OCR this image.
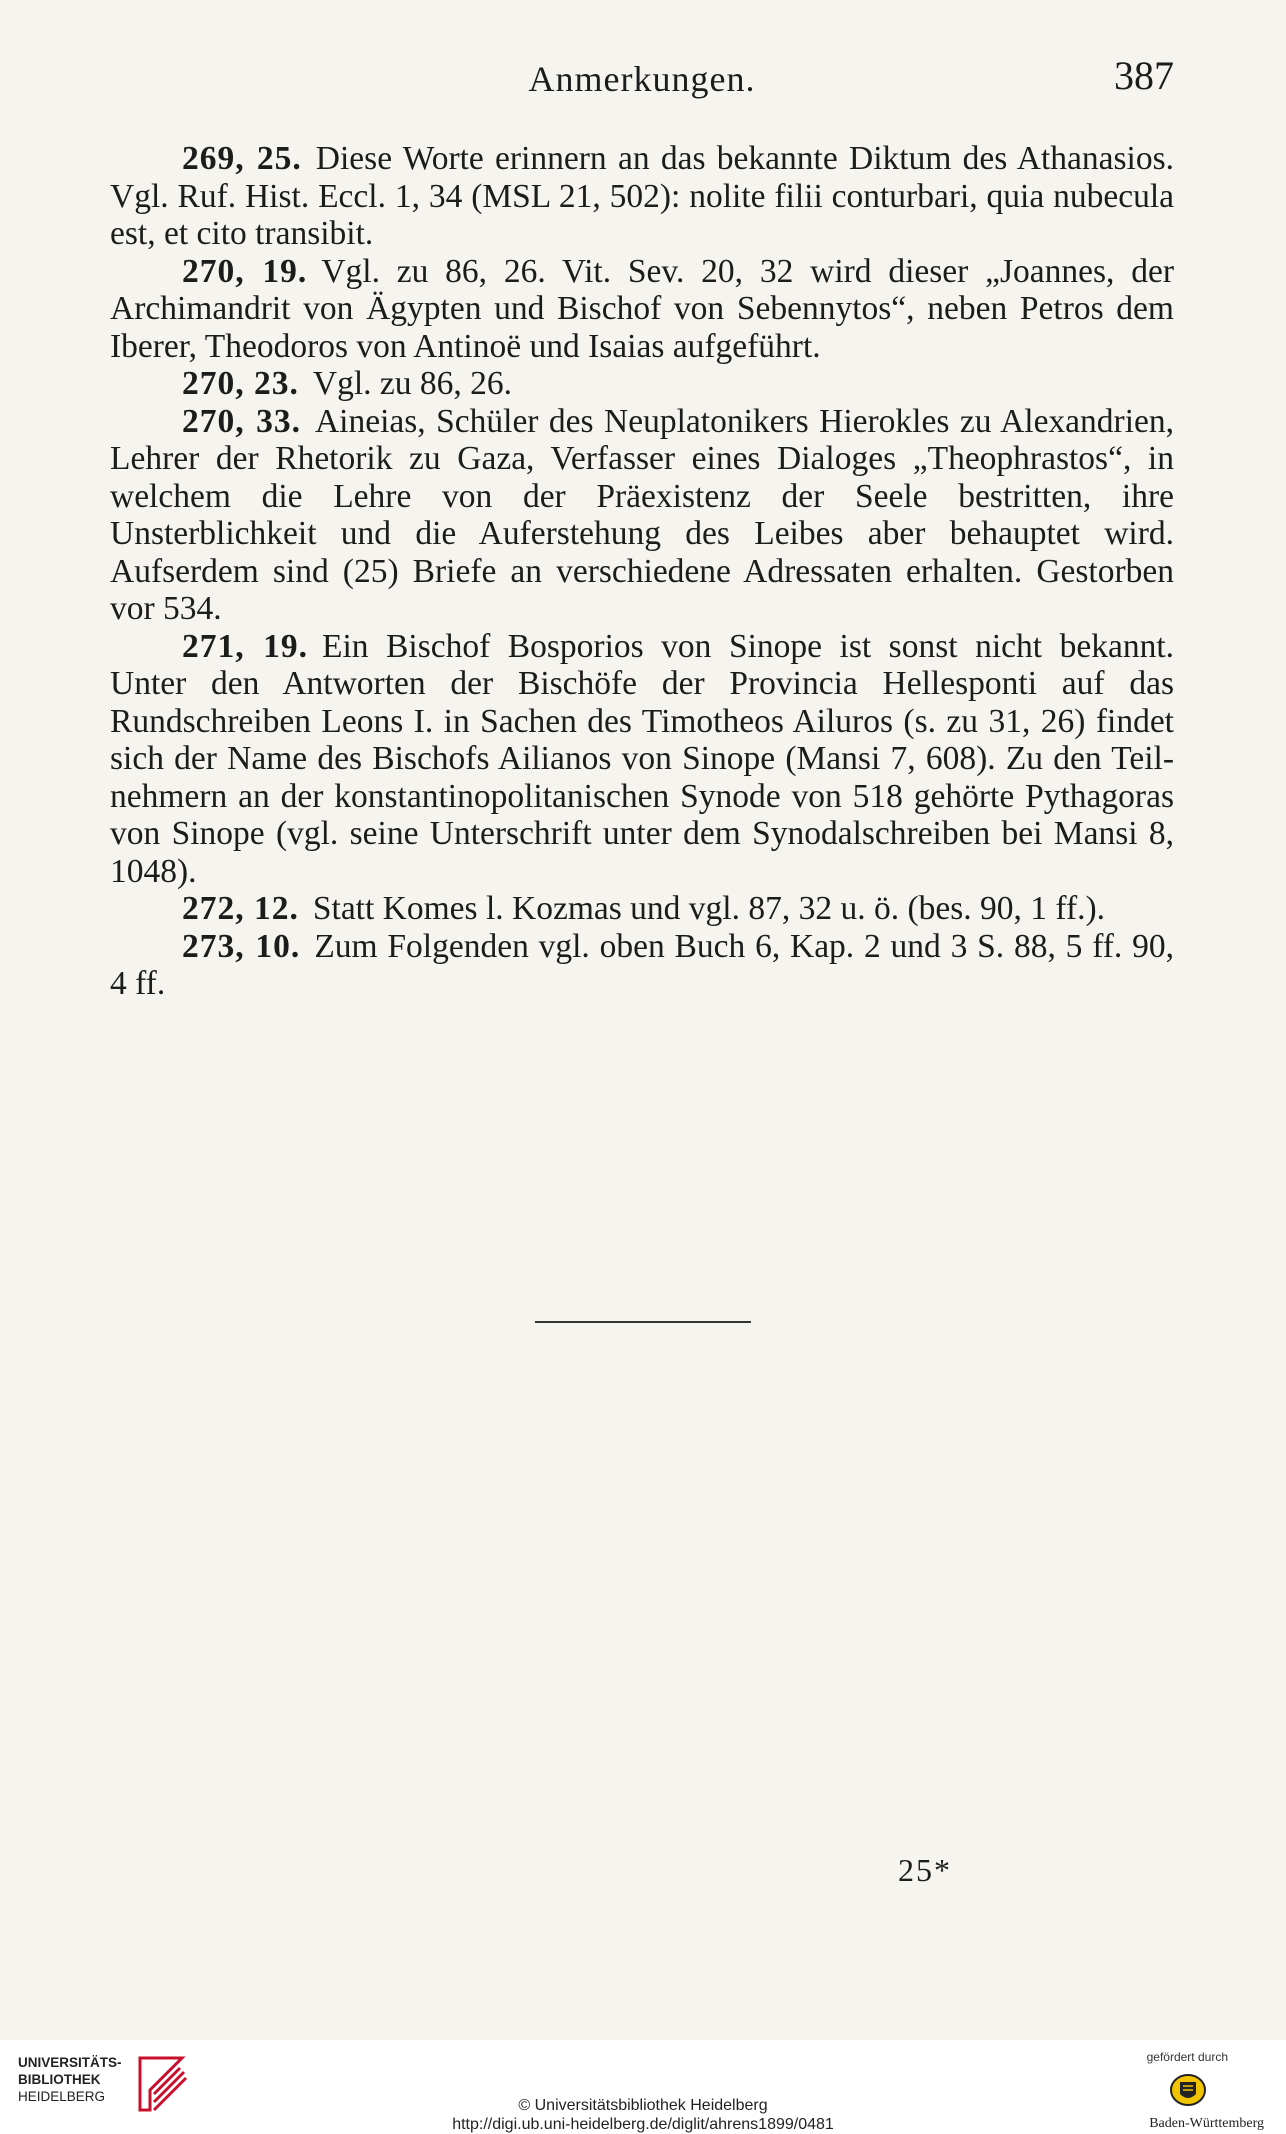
Anmerkungen.	387

269, 25. Diese Worte erinnern an das bekannte Diktum des Athanasios. Vgl. Ruf. Hist. Eccl. 1, 34 (MSL 21, 502): nolite filii conturbari, quia nubecula est, et cito transibit.

270, 19. Vgl. zu 86, 26. Vit. Sev. 20, 32 wird dieser „Joannes, der Archimandrit von Ägypten und Bischof von Sebennytos“, neben Petros dem Iberer, Theodoros von Antinoë und Isaias aufgeführt.

270, 23. Vgl. zu 86, 26.

270, 33. Aineias, Schüler des Neuplatonikers Hierokles zu Alexandrien, Lehrer der Rhetorik zu Gaza, Verfasser eines Dialoges „Theophrastos“, in welchem die Lehre von der Präexistenz der Seele bestritten, ihre Unsterblichkeit und die Auferstehung des Leibes aber behauptet wird. Aufserdem sind (25) Briefe an verschiedene Adressaten erhalten. Gestorben vor 534.

271, 19. Ein Bischof Bosporios von Sinope ist sonst nicht bekannt. Unter den Antworten der Bischöfe der Provincia Hellesponti auf das Rundschreiben Leons I. in Sachen des Timotheos Ailuros (s. zu 31, 26) findet sich der Name des Bischofs Ailianos von Sinope (Mansi 7, 608). Zu den Teilnehmern an der konstantinopolitanischen Synode von 518 gehörte Pythagoras von Sinope (vgl. seine Unterschrift unter dem Synodalschreiben bei Mansi 8, 1048).

272, 12. Statt Komes l. Kozmas und vgl. 87, 32 u. ö. (bes. 90, 1 ff.).

273, 10. Zum Folgenden vgl. oben Buch 6, Kap. 2 und 3 S. 88, 5 ff. 90, 4 ff.

25*
UNIVERSITÄTS-
BIBLIOTHEK
HEIDELBERG
© Universitätsbibliothek Heidelberg
http://digi.ub.uni-heidelberg.de/diglit/ahrens1899/0481
gefördert durch
Baden-Württemberg
